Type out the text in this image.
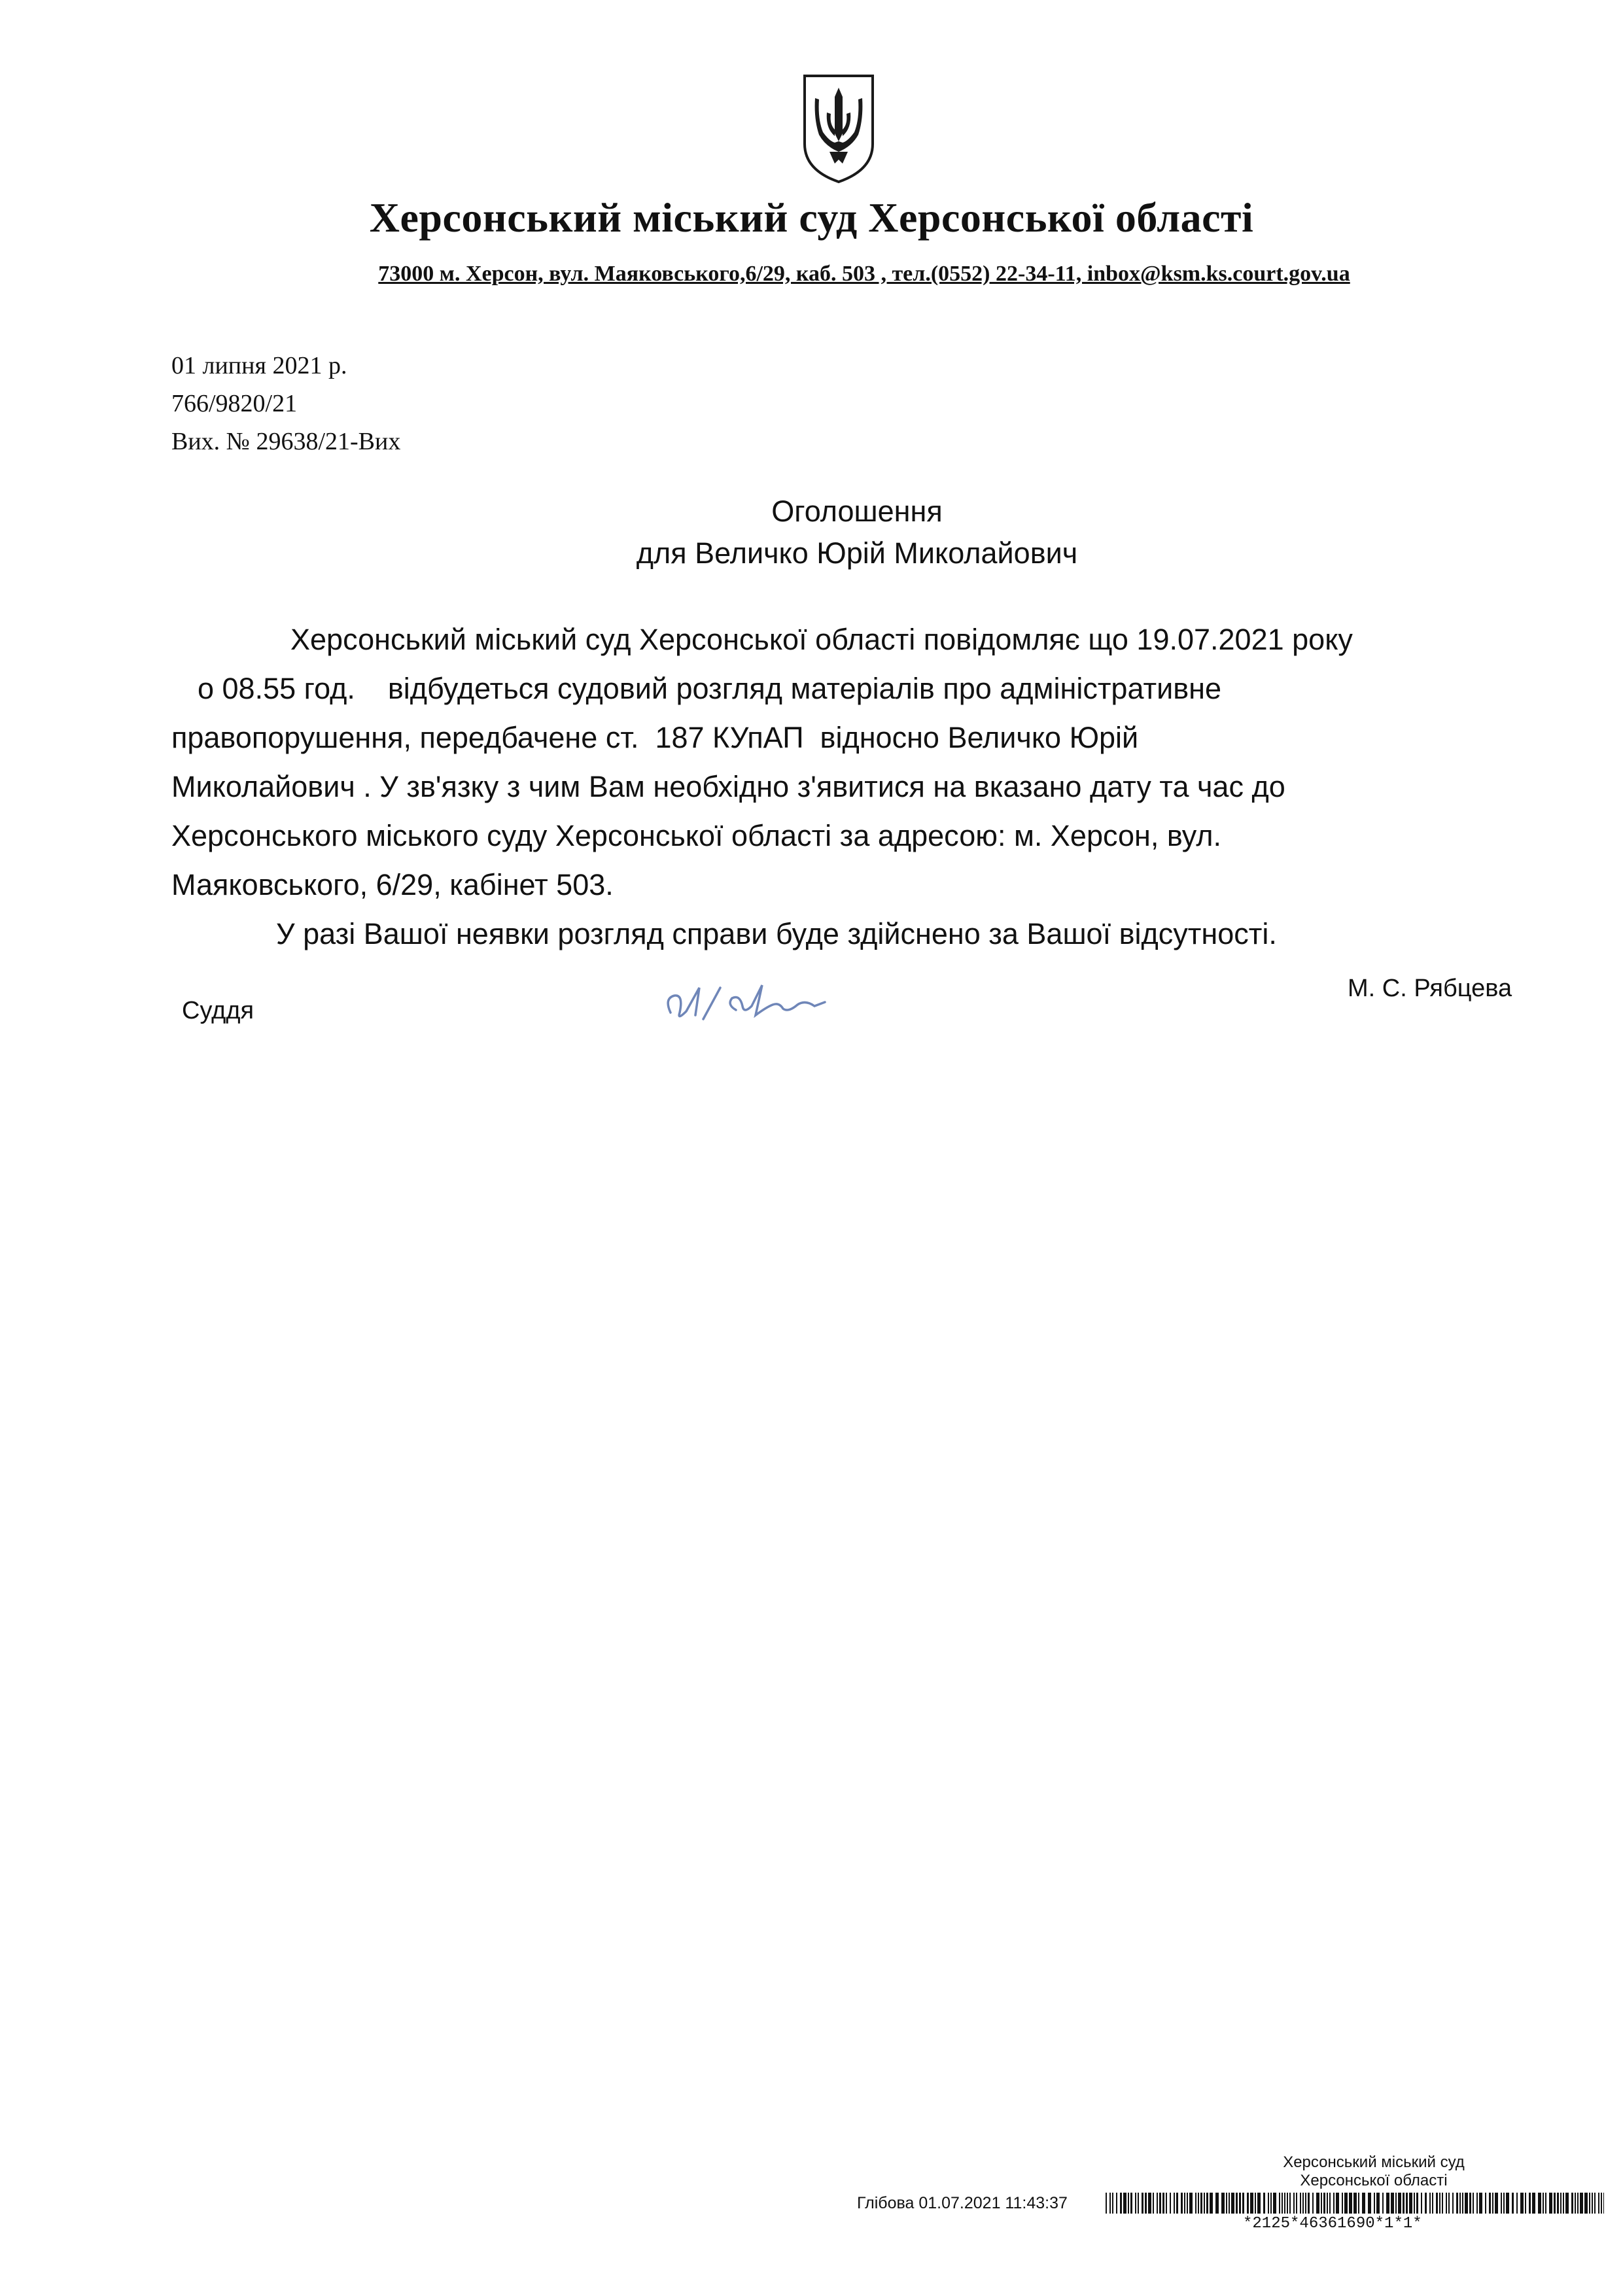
Херсонський міський суд Херсонської області
73000 м. Херсон, вул. Маяковського,6/29, каб. 503 , тел.(0552) 22-34-11, inbox@ksm.ks.court.gov.ua
01 липня 2021 р.
766/9820/21
Вих. № 29638/21-Вих
Оголошення
для Величко Юрій Миколайович
Херсонський міський суд Херсонської області повідомляє що 19.07.2021 року
о 08.55 год.    відбудеться судовий розгляд матеріалів про адміністративне
правопорушення, передбачене ст.  187 КУпАП  відносно Величко Юрій
Миколайович . У зв'язку з чим Вам необхідно з'явитися на вказано дату та час до
Херсонського міського суду Херсонської області за адресою: м. Херсон, вул.
Маяковського, 6/29, кабінет 503.
У разі Вашої неявки розгляд справи буде здійснено за Вашої відсутності.
Суддя
М. С. Рябцева
Херсонський міський суд
Херсонської області
Глібова 01.07.2021 11:43:37
*2125*46361690*1*1*
